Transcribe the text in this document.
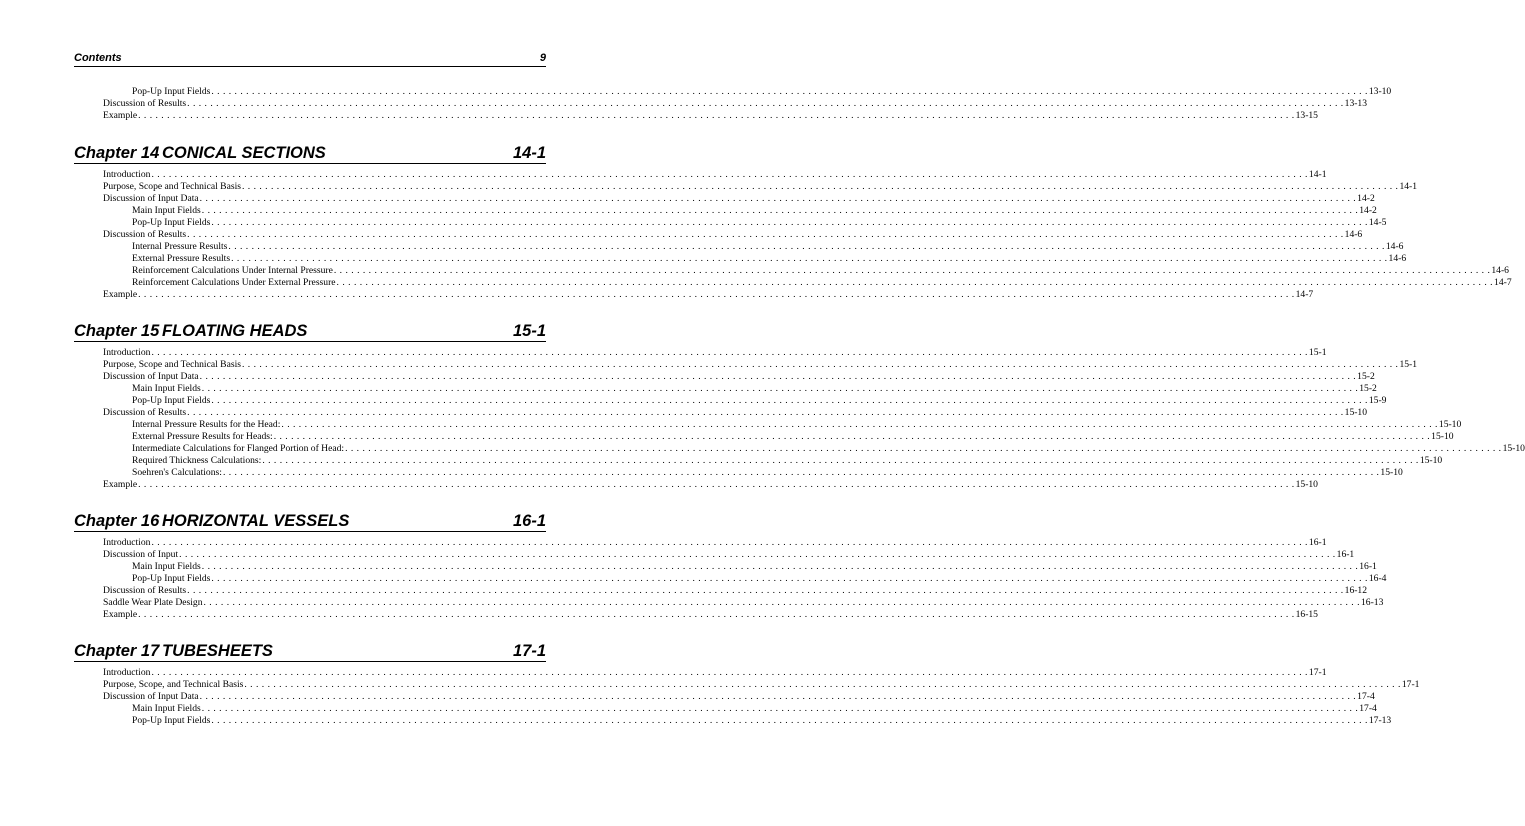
Contents	9
Pop-Up Input Fields . . . . . . . . . . . . . . . . . . . . . . . . . . . . . . . . . . . . . . . . . . . . . . . . . . . . . . . . . . . . . . . . . . . . . . . . . . . . . . . . . . . . . . . . . . . . . . . . . . . . . . . . . . . . . . . . . . . . . . . . . . . . . . . . . . . . . . . . . . . . . . . . . . . . . . . . . . . . . . . . . . . . . . . . . . . . . . . . . . . . . . . . . . . . . . . . . . . . . . . . 13-10
Discussion of Results . . . . . . . . . . . . . . . . . . . . . . . . . . . . . . . . . . . . . . . . . . . . . . . . . . . . . . . . . . . . . . . . . . . . . . . . . . . . . . . . . . . . . . . . . . . . . . . . . . . . . . . . . . . . . . . . . . . . . . . . . . . . . . . . . . . . . . . . . . . . . . . . . . . . . . . . . . . . . . . . . . . . . . . . . . . . . . . . . . . . . . . . . . . . . . . . . . . . . . . . 13-13
Example . . . . . . . . . . . . . . . . . . . . . . . . . . . . . . . . . . . . . . . . . . . . . . . . . . . . . . . . . . . . . . . . . . . . . . . . . . . . . . . . . . . . . . . . . . . . . . . . . . . . . . . . . . . . . . . . . . . . . . . . . . . . . . . . . . . . . . . . . . . . . . . . . . . . . . . . . . . . . . . . . . . . . . . . . . . . . . . . . . . . . . . . . . . . . . . . . . . . . . . . 13-15
Chapter 14 CONICAL SECTIONS	14-1
Introduction . . . . . . . . . . . . . . . . . . . . . . . . . . . . . . . . . . . . . . . . . . . . . . . . . . . . . . . . . . . . . . . . . . . . . . . . . . . . . . . . . . . . . . . . . . . . . . . . . . . . . . . . . . . . . . . . . . . . . . . . . . . . . . . . . . . . . . . . . . . . . . . . . . . . . . . . . . . . . . . . . . . . . . . . . . . . . . . . . . . . . . . . . . . . . . . . . . . . . . . . 14-1
Purpose, Scope and Technical Basis . . . . . . . . . . . . . . . . . . . . . . . . . . . . . . . . . . . . . . . . . . . . . . . . . . . . . . . . . . . . . . . . . . . . . . . . . . . . . . . . . . . . . . . . . . . . . . . . . . . . . . . . . . . . . . . . . . . . . . . . . . . . . . . . . . . . . . . . . . . . . . . . . . . . . . . . . . . . . . . . . . . . . . . . . . . . . . . . . . . . . . . . . . . . . . . . . . . . . . . . 14-1
Discussion of Input Data . . . . . . . . . . . . . . . . . . . . . . . . . . . . . . . . . . . . . . . . . . . . . . . . . . . . . . . . . . . . . . . . . . . . . . . . . . . . . . . . . . . . . . . . . . . . . . . . . . . . . . . . . . . . . . . . . . . . . . . . . . . . . . . . . . . . . . . . . . . . . . . . . . . . . . . . . . . . . . . . . . . . . . . . . . . . . . . . . . . . . . . . . . . . . . . . . . . . . . . . 14-2
Main Input Fields . . . . . . . . . . . . . . . . . . . . . . . . . . . . . . . . . . . . . . . . . . . . . . . . . . . . . . . . . . . . . . . . . . . . . . . . . . . . . . . . . . . . . . . . . . . . . . . . . . . . . . . . . . . . . . . . . . . . . . . . . . . . . . . . . . . . . . . . . . . . . . . . . . . . . . . . . . . . . . . . . . . . . . . . . . . . . . . . . . . . . . . . . . . . . . . . . . . . . . . . 14-2
Pop-Up Input Fields . . . . . . . . . . . . . . . . . . . . . . . . . . . . . . . . . . . . . . . . . . . . . . . . . . . . . . . . . . . . . . . . . . . . . . . . . . . . . . . . . . . . . . . . . . . . . . . . . . . . . . . . . . . . . . . . . . . . . . . . . . . . . . . . . . . . . . . . . . . . . . . . . . . . . . . . . . . . . . . . . . . . . . . . . . . . . . . . . . . . . . . . . . . . . . . . . . . . . . . . 14-5
Discussion of Results . . . . . . . . . . . . . . . . . . . . . . . . . . . . . . . . . . . . . . . . . . . . . . . . . . . . . . . . . . . . . . . . . . . . . . . . . . . . . . . . . . . . . . . . . . . . . . . . . . . . . . . . . . . . . . . . . . . . . . . . . . . . . . . . . . . . . . . . . . . . . . . . . . . . . . . . . . . . . . . . . . . . . . . . . . . . . . . . . . . . . . . . . . . . . . . . . . . . . . . . 14-6
Internal Pressure Results . . . . . . . . . . . . . . . . . . . . . . . . . . . . . . . . . . . . . . . . . . . . . . . . . . . . . . . . . . . . . . . . . . . . . . . . . . . . . . . . . . . . . . . . . . . . . . . . . . . . . . . . . . . . . . . . . . . . . . . . . . . . . . . . . . . . . . . . . . . . . . . . . . . . . . . . . . . . . . . . . . . . . . . . . . . . . . . . . . . . . . . . . . . . . . . . . . . . . . . . 14-6
External Pressure Results . . . . . . . . . . . . . . . . . . . . . . . . . . . . . . . . . . . . . . . . . . . . . . . . . . . . . . . . . . . . . . . . . . . . . . . . . . . . . . . . . . . . . . . . . . . . . . . . . . . . . . . . . . . . . . . . . . . . . . . . . . . . . . . . . . . . . . . . . . . . . . . . . . . . . . . . . . . . . . . . . . . . . . . . . . . . . . . . . . . . . . . . . . . . . . . . . . . . . . . . 14-6
Reinforcement Calculations Under Internal Pressure . . . . . . . . . . . . . . . . . . . . . . . . . . . . . . . . . . . . . . . . . . . . . . . . . . . . . . . . . . . . . . . . . . . . . . . . . . . . . . . . . . . . . . . . . . . . . . . . . . . . . . . . . . . . . . . . . . . . . . . . . . . . . . . . . . . . . . . . . . . . . . . . . . . . . . . . . . . . . . . . . . . . . . . . . . . . . . . . . . . . . . . . . . . . . . . . . . . . . . . . 14-6
Reinforcement Calculations Under External Pressure . . . . . . . . . . . . . . . . . . . . . . . . . . . . . . . . . . . . . . . . . . . . . . . . . . . . . . . . . . . . . . . . . . . . . . . . . . . . . . . . . . . . . . . . . . . . . . . . . . . . . . . . . . . . . . . . . . . . . . . . . . . . . . . . . . . . . . . . . . . . . . . . . . . . . . . . . . . . . . . . . . . . . . . . . . . . . . . . . . . . . . . . . . . . . . . . . . . . . . . . 14-7
Example . . . . . . . . . . . . . . . . . . . . . . . . . . . . . . . . . . . . . . . . . . . . . . . . . . . . . . . . . . . . . . . . . . . . . . . . . . . . . . . . . . . . . . . . . . . . . . . . . . . . . . . . . . . . . . . . . . . . . . . . . . . . . . . . . . . . . . . . . . . . . . . . . . . . . . . . . . . . . . . . . . . . . . . . . . . . . . . . . . . . . . . . . . . . . . . . . . . . . . . . 14-7
Chapter 15 FLOATING HEADS	15-1
Introduction . . . . . . . . . . . . . . . . . . . . . . . . . . . . . . . . . . . . . . . . . . . . . . . . . . . . . . . . . . . . . . . . . . . . . . . . . . . . . . . . . . . . . . . . . . . . . . . . . . . . . . . . . . . . . . . . . . . . . . . . . . . . . . . . . . . . . . . . . . . . . . . . . . . . . . . . . . . . . . . . . . . . . . . . . . . . . . . . . . . . . . . . . . . . . . . . . . . . . . . . 15-1
Purpose, Scope and Technical Basis . . . . . . . . . . . . . . . . . . . . . . . . . . . . . . . . . . . . . . . . . . . . . . . . . . . . . . . . . . . . . . . . . . . . . . . . . . . . . . . . . . . . . . . . . . . . . . . . . . . . . . . . . . . . . . . . . . . . . . . . . . . . . . . . . . . . . . . . . . . . . . . . . . . . . . . . . . . . . . . . . . . . . . . . . . . . . . . . . . . . . . . . . . . . . . . . . . . . . . . . 15-1
Discussion of Input Data . . . . . . . . . . . . . . . . . . . . . . . . . . . . . . . . . . . . . . . . . . . . . . . . . . . . . . . . . . . . . . . . . . . . . . . . . . . . . . . . . . . . . . . . . . . . . . . . . . . . . . . . . . . . . . . . . . . . . . . . . . . . . . . . . . . . . . . . . . . . . . . . . . . . . . . . . . . . . . . . . . . . . . . . . . . . . . . . . . . . . . . . . . . . . . . . . . . . . . . . 15-2
Main Input Fields . . . . . . . . . . . . . . . . . . . . . . . . . . . . . . . . . . . . . . . . . . . . . . . . . . . . . . . . . . . . . . . . . . . . . . . . . . . . . . . . . . . . . . . . . . . . . . . . . . . . . . . . . . . . . . . . . . . . . . . . . . . . . . . . . . . . . . . . . . . . . . . . . . . . . . . . . . . . . . . . . . . . . . . . . . . . . . . . . . . . . . . . . . . . . . . . . . . . . . . . 15-2
Pop-Up Input Fields . . . . . . . . . . . . . . . . . . . . . . . . . . . . . . . . . . . . . . . . . . . . . . . . . . . . . . . . . . . . . . . . . . . . . . . . . . . . . . . . . . . . . . . . . . . . . . . . . . . . . . . . . . . . . . . . . . . . . . . . . . . . . . . . . . . . . . . . . . . . . . . . . . . . . . . . . . . . . . . . . . . . . . . . . . . . . . . . . . . . . . . . . . . . . . . . . . . . . . . . 15-9
Discussion of Results . . . . . . . . . . . . . . . . . . . . . . . . . . . . . . . . . . . . . . . . . . . . . . . . . . . . . . . . . . . . . . . . . . . . . . . . . . . . . . . . . . . . . . . . . . . . . . . . . . . . . . . . . . . . . . . . . . . . . . . . . . . . . . . . . . . . . . . . . . . . . . . . . . . . . . . . . . . . . . . . . . . . . . . . . . . . . . . . . . . . . . . . . . . . . . . . . . . . . . . . 15-10
Internal Pressure Results for the Head: . . . . . . . . . . . . . . . . . . . . . . . . . . . . . . . . . . . . . . . . . . . . . . . . . . . . . . . . . . . . . . . . . . . . . . . . . . . . . . . . . . . . . . . . . . . . . . . . . . . . . . . . . . . . . . . . . . . . . . . . . . . . . . . . . . . . . . . . . . . . . . . . . . . . . . . . . . . . . . . . . . . . . . . . . . . . . . . . . . . . . . . . . . . . . . . . . . . . . . . . 15-10
External Pressure Results for Heads: . . . . . . . . . . . . . . . . . . . . . . . . . . . . . . . . . . . . . . . . . . . . . . . . . . . . . . . . . . . . . . . . . . . . . . . . . . . . . . . . . . . . . . . . . . . . . . . . . . . . . . . . . . . . . . . . . . . . . . . . . . . . . . . . . . . . . . . . . . . . . . . . . . . . . . . . . . . . . . . . . . . . . . . . . . . . . . . . . . . . . . . . . . . . . . . . . . . . . . . . 15-10
Intermediate Calculations for Flanged Portion of Head: . . . . . . . . . . . . . . . . . . . . . . . . . . . . . . . . . . . . . . . . . . . . . . . . . . . . . . . . . . . . . . . . . . . . . . . . . . . . . . . . . . . . . . . . . . . . . . . . . . . . . . . . . . . . . . . . . . . . . . . . . . . . . . . . . . . . . . . . . . . . . . . . . . . . . . . . . . . . . . . . . . . . . . . . . . . . . . . . . . . . . . . . . . . . . . . . . . . . . . . . 15-10
Required Thickness Calculations: . . . . . . . . . . . . . . . . . . . . . . . . . . . . . . . . . . . . . . . . . . . . . . . . . . . . . . . . . . . . . . . . . . . . . . . . . . . . . . . . . . . . . . . . . . . . . . . . . . . . . . . . . . . . . . . . . . . . . . . . . . . . . . . . . . . . . . . . . . . . . . . . . . . . . . . . . . . . . . . . . . . . . . . . . . . . . . . . . . . . . . . . . . . . . . . . . . . . . . . . 15-10
Soehren's Calculations: . . . . . . . . . . . . . . . . . . . . . . . . . . . . . . . . . . . . . . . . . . . . . . . . . . . . . . . . . . . . . . . . . . . . . . . . . . . . . . . . . . . . . . . . . . . . . . . . . . . . . . . . . . . . . . . . . . . . . . . . . . . . . . . . . . . . . . . . . . . . . . . . . . . . . . . . . . . . . . . . . . . . . . . . . . . . . . . . . . . . . . . . . . . . . . . . . . . . . . . . 15-10
Example . . . . . . . . . . . . . . . . . . . . . . . . . . . . . . . . . . . . . . . . . . . . . . . . . . . . . . . . . . . . . . . . . . . . . . . . . . . . . . . . . . . . . . . . . . . . . . . . . . . . . . . . . . . . . . . . . . . . . . . . . . . . . . . . . . . . . . . . . . . . . . . . . . . . . . . . . . . . . . . . . . . . . . . . . . . . . . . . . . . . . . . . . . . . . . . . . . . . . . . . 15-10
Chapter 16 HORIZONTAL VESSELS	16-1
Introduction . . . . . . . . . . . . . . . . . . . . . . . . . . . . . . . . . . . . . . . . . . . . . . . . . . . . . . . . . . . . . . . . . . . . . . . . . . . . . . . . . . . . . . . . . . . . . . . . . . . . . . . . . . . . . . . . . . . . . . . . . . . . . . . . . . . . . . . . . . . . . . . . . . . . . . . . . . . . . . . . . . . . . . . . . . . . . . . . . . . . . . . . . . . . . . . . . . . . . . . . 16-1
Discussion of Input . . . . . . . . . . . . . . . . . . . . . . . . . . . . . . . . . . . . . . . . . . . . . . . . . . . . . . . . . . . . . . . . . . . . . . . . . . . . . . . . . . . . . . . . . . . . . . . . . . . . . . . . . . . . . . . . . . . . . . . . . . . . . . . . . . . . . . . . . . . . . . . . . . . . . . . . . . . . . . . . . . . . . . . . . . . . . . . . . . . . . . . . . . . . . . . . . . . . . . . . 16-1
Main Input Fields . . . . . . . . . . . . . . . . . . . . . . . . . . . . . . . . . . . . . . . . . . . . . . . . . . . . . . . . . . . . . . . . . . . . . . . . . . . . . . . . . . . . . . . . . . . . . . . . . . . . . . . . . . . . . . . . . . . . . . . . . . . . . . . . . . . . . . . . . . . . . . . . . . . . . . . . . . . . . . . . . . . . . . . . . . . . . . . . . . . . . . . . . . . . . . . . . . . . . . . . 16-1
Pop-Up Input Fields . . . . . . . . . . . . . . . . . . . . . . . . . . . . . . . . . . . . . . . . . . . . . . . . . . . . . . . . . . . . . . . . . . . . . . . . . . . . . . . . . . . . . . . . . . . . . . . . . . . . . . . . . . . . . . . . . . . . . . . . . . . . . . . . . . . . . . . . . . . . . . . . . . . . . . . . . . . . . . . . . . . . . . . . . . . . . . . . . . . . . . . . . . . . . . . . . . . . . . . . 16-4
Discussion of Results . . . . . . . . . . . . . . . . . . . . . . . . . . . . . . . . . . . . . . . . . . . . . . . . . . . . . . . . . . . . . . . . . . . . . . . . . . . . . . . . . . . . . . . . . . . . . . . . . . . . . . . . . . . . . . . . . . . . . . . . . . . . . . . . . . . . . . . . . . . . . . . . . . . . . . . . . . . . . . . . . . . . . . . . . . . . . . . . . . . . . . . . . . . . . . . . . . . . . . . . 16-12
Saddle Wear Plate Design . . . . . . . . . . . . . . . . . . . . . . . . . . . . . . . . . . . . . . . . . . . . . . . . . . . . . . . . . . . . . . . . . . . . . . . . . . . . . . . . . . . . . . . . . . . . . . . . . . . . . . . . . . . . . . . . . . . . . . . . . . . . . . . . . . . . . . . . . . . . . . . . . . . . . . . . . . . . . . . . . . . . . . . . . . . . . . . . . . . . . . . . . . . . . . . . . . . . . . . . 16-13
Example . . . . . . . . . . . . . . . . . . . . . . . . . . . . . . . . . . . . . . . . . . . . . . . . . . . . . . . . . . . . . . . . . . . . . . . . . . . . . . . . . . . . . . . . . . . . . . . . . . . . . . . . . . . . . . . . . . . . . . . . . . . . . . . . . . . . . . . . . . . . . . . . . . . . . . . . . . . . . . . . . . . . . . . . . . . . . . . . . . . . . . . . . . . . . . . . . . . . . . . . 16-15
Chapter 17 TUBESHEETS	17-1
Introduction . . . . . . . . . . . . . . . . . . . . . . . . . . . . . . . . . . . . . . . . . . . . . . . . . . . . . . . . . . . . . . . . . . . . . . . . . . . . . . . . . . . . . . . . . . . . . . . . . . . . . . . . . . . . . . . . . . . . . . . . . . . . . . . . . . . . . . . . . . . . . . . . . . . . . . . . . . . . . . . . . . . . . . . . . . . . . . . . . . . . . . . . . . . . . . . . . . . . . . . . 17-1
Purpose, Scope, and Technical Basis . . . . . . . . . . . . . . . . . . . . . . . . . . . . . . . . . . . . . . . . . . . . . . . . . . . . . . . . . . . . . . . . . . . . . . . . . . . . . . . . . . . . . . . . . . . . . . . . . . . . . . . . . . . . . . . . . . . . . . . . . . . . . . . . . . . . . . . . . . . . . . . . . . . . . . . . . . . . . . . . . . . . . . . . . . . . . . . . . . . . . . . . . . . . . . . . . . . . . . . . 17-1
Discussion of Input Data . . . . . . . . . . . . . . . . . . . . . . . . . . . . . . . . . . . . . . . . . . . . . . . . . . . . . . . . . . . . . . . . . . . . . . . . . . . . . . . . . . . . . . . . . . . . . . . . . . . . . . . . . . . . . . . . . . . . . . . . . . . . . . . . . . . . . . . . . . . . . . . . . . . . . . . . . . . . . . . . . . . . . . . . . . . . . . . . . . . . . . . . . . . . . . . . . . . . . . . . 17-4
Main Input Fields . . . . . . . . . . . . . . . . . . . . . . . . . . . . . . . . . . . . . . . . . . . . . . . . . . . . . . . . . . . . . . . . . . . . . . . . . . . . . . . . . . . . . . . . . . . . . . . . . . . . . . . . . . . . . . . . . . . . . . . . . . . . . . . . . . . . . . . . . . . . . . . . . . . . . . . . . . . . . . . . . . . . . . . . . . . . . . . . . . . . . . . . . . . . . . . . . . . . . . . . 17-4
Pop-Up Input Fields . . . . . . . . . . . . . . . . . . . . . . . . . . . . . . . . . . . . . . . . . . . . . . . . . . . . . . . . . . . . . . . . . . . . . . . . . . . . . . . . . . . . . . . . . . . . . . . . . . . . . . . . . . . . . . . . . . . . . . . . . . . . . . . . . . . . . . . . . . . . . . . . . . . . . . . . . . . . . . . . . . . . . . . . . . . . . . . . . . . . . . . . . . . . . . . . . . . . . . . . 17-13
